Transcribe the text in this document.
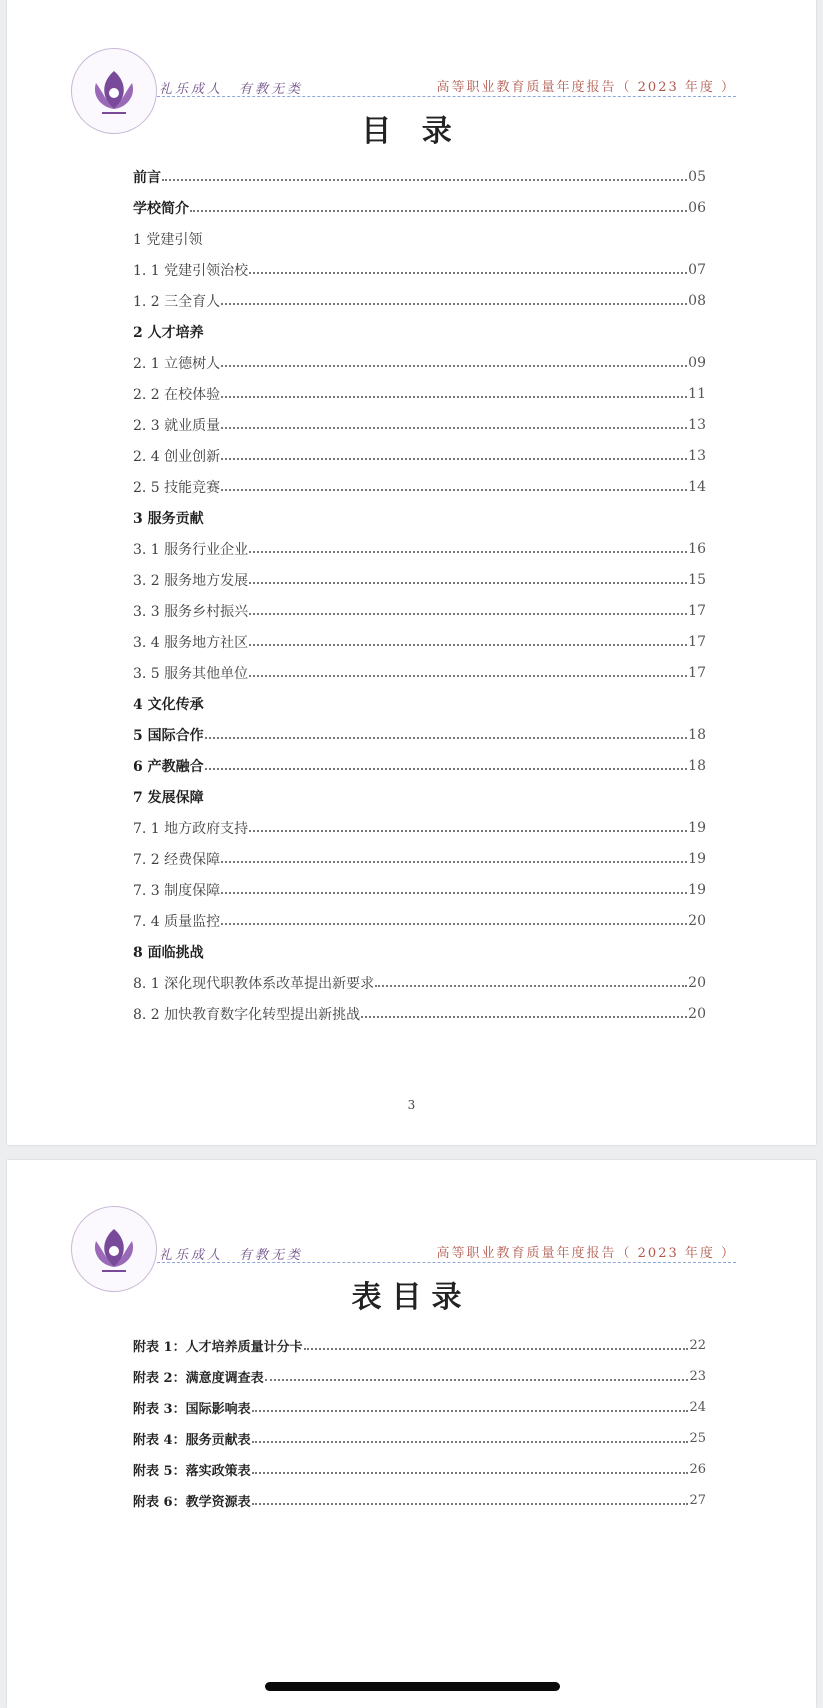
礼乐成人　有教无类	高等职业教育质量年度报告（ 2023 年度 ）
目 录
前言	05
学校简介	06
1 党建引领
1. 1 党建引领治校	07
1. 2 三全育人	08
2 人才培养
2. 1 立德树人	09
2. 2 在校体验	11
2. 3 就业质量	13
2. 4 创业创新	13
2. 5 技能竞赛	14
3 服务贡献
3. 1 服务行业企业	16
3. 2 服务地方发展	15
3. 3 服务乡村振兴	17
3. 4 服务地方社区	17
3. 5 服务其他单位	17
4 文化传承
5 国际合作	18
6 产教融合	18
7 发展保障
7. 1 地方政府支持	19
7. 2 经费保障	19
7. 3 制度保障	19
7. 4 质量监控	20
8 面临挑战
8. 1 深化现代职教体系改革提出新要求	20
8. 2 加快教育数字化转型提出新挑战	20
3
礼乐成人　有教无类	高等职业教育质量年度报告（ 2023 年度 ）
表目录
附表 1：人才培养质量计分卡	22
附表 2：满意度调查表	23
附表 3：国际影响表	24
附表 4：服务贡献表	25
附表 5：落实政策表	26
附表 6：教学资源表	27
